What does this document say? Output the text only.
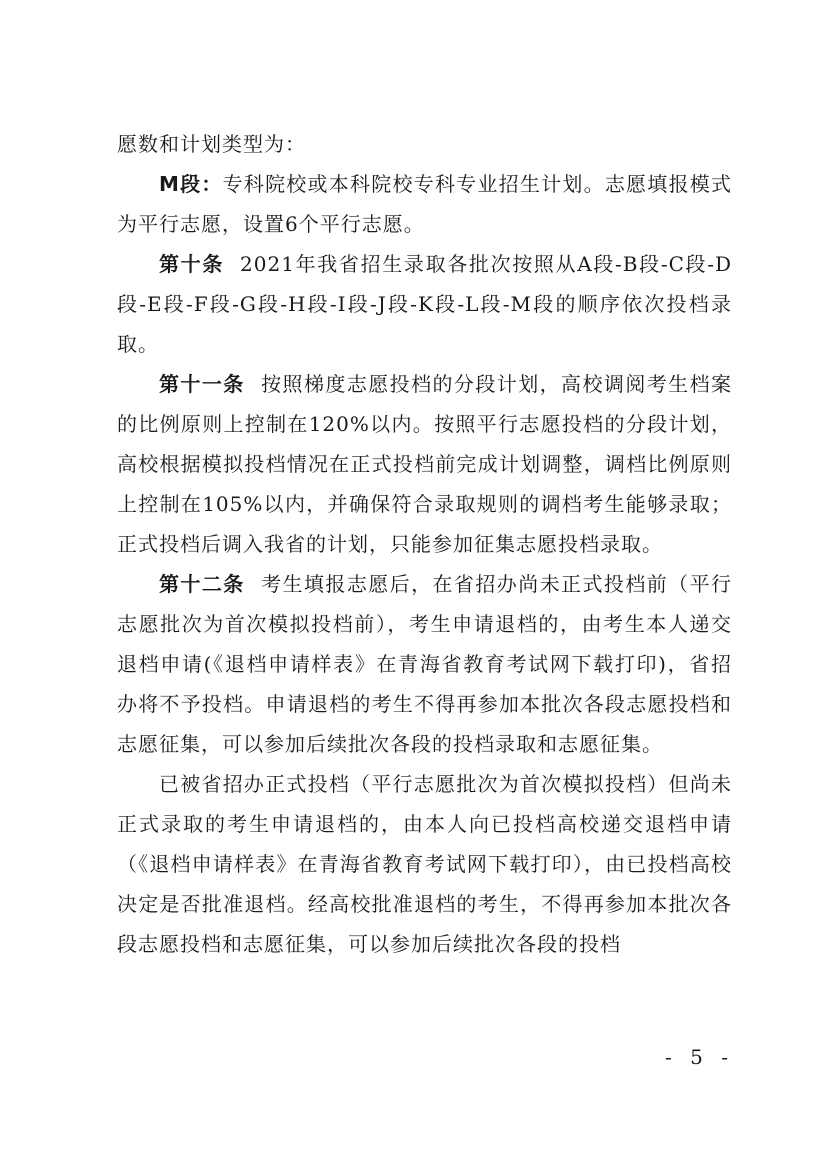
愿数和计划类型为：

M段：专科院校或本科院校专科专业招生计划。志愿填报模式为平行志愿，设置6个平行志愿。

第十条 2021年我省招生录取各批次按照从A段-B段-C段-D段-E段-F段-G段-H段-I段-J段-K段-L段-M段的顺序依次投档录取。

第十一条 按照梯度志愿投档的分段计划，高校调阅考生档案的比例原则上控制在120%以内。按照平行志愿投档的分段计划，高校根据模拟投档情况在正式投档前完成计划调整，调档比例原则上控制在105%以内，并确保符合录取规则的调档考生能够录取；正式投档后调入我省的计划，只能参加征集志愿投档录取。

第十二条 考生填报志愿后，在省招办尚未正式投档前（平行志愿批次为首次模拟投档前），考生申请退档的，由考生本人递交退档申请(《退档申请样表》在青海省教育考试网下载打印)，省招办将不予投档。申请退档的考生不得再参加本批次各段志愿投档和志愿征集，可以参加后续批次各段的投档录取和志愿征集。

已被省招办正式投档（平行志愿批次为首次模拟投档）但尚未正式录取的考生申请退档的，由本人向已投档高校递交退档申请（《退档申请样表》在青海省教育考试网下载打印），由已投档高校决定是否批准退档。经高校批准退档的考生，不得再参加本批次各段志愿投档和志愿征集，可以参加后续批次各段的投档

- 5 -
